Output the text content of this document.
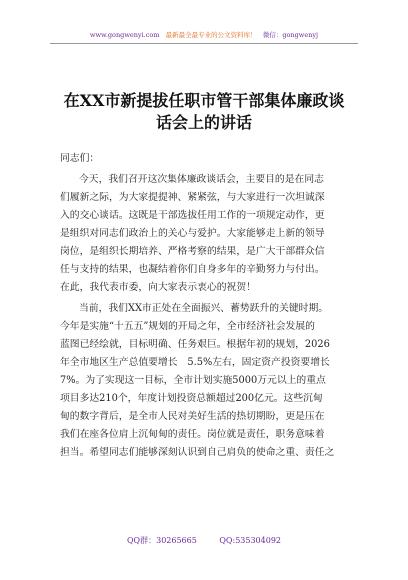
www.gongwenyi.com 最新最全最专业的公文资料库！ 微信：gongwenyj
在XX市新提拔任职市管干部集体廉政谈
话会上的讲话
同志们：
今天，我们召开这次集体廉政谈话会，主要目的是在同志
们履新之际，为大家提提神、紧紧弦，与大家进行一次坦诚深
入的交心谈话。这既是干部选拔任用工作的一项规定动作，更
是组织对同志们政治上的关心与爱护。大家能够走上新的领导
岗位，是组织长期培养、严格考察的结果，是广大干部群众信
任与支持的结果，也凝结着你们自身多年的辛勤努力与付出。
在此，我代表市委，向大家表示衷心的祝贺！
当前，我们XX市正处在全面振兴、蓄势跃升的关键时期。
今年是实施“十五五”规划的开局之年，全市经济社会发展的
蓝图已经绘就，目标明确、任务艰巨。根据年初的规划，2026
年全市地区生产总值要增长　5.5%左右，固定资产投资要增长
7%。为了实现这一目标，全市计划实施5000万元以上的重点
项目多达210个，年度计划投资总额超过200亿元。这些沉甸
甸的数字背后，是全市人民对美好生活的热切期盼，更是压在
我们在座各位肩上沉甸甸的责任。岗位就是责任，职务意味着
担当。希望同志们能够深刻认识到自己肩负的使命之重、责任之
QQ群：30265665	QQ:535304092
